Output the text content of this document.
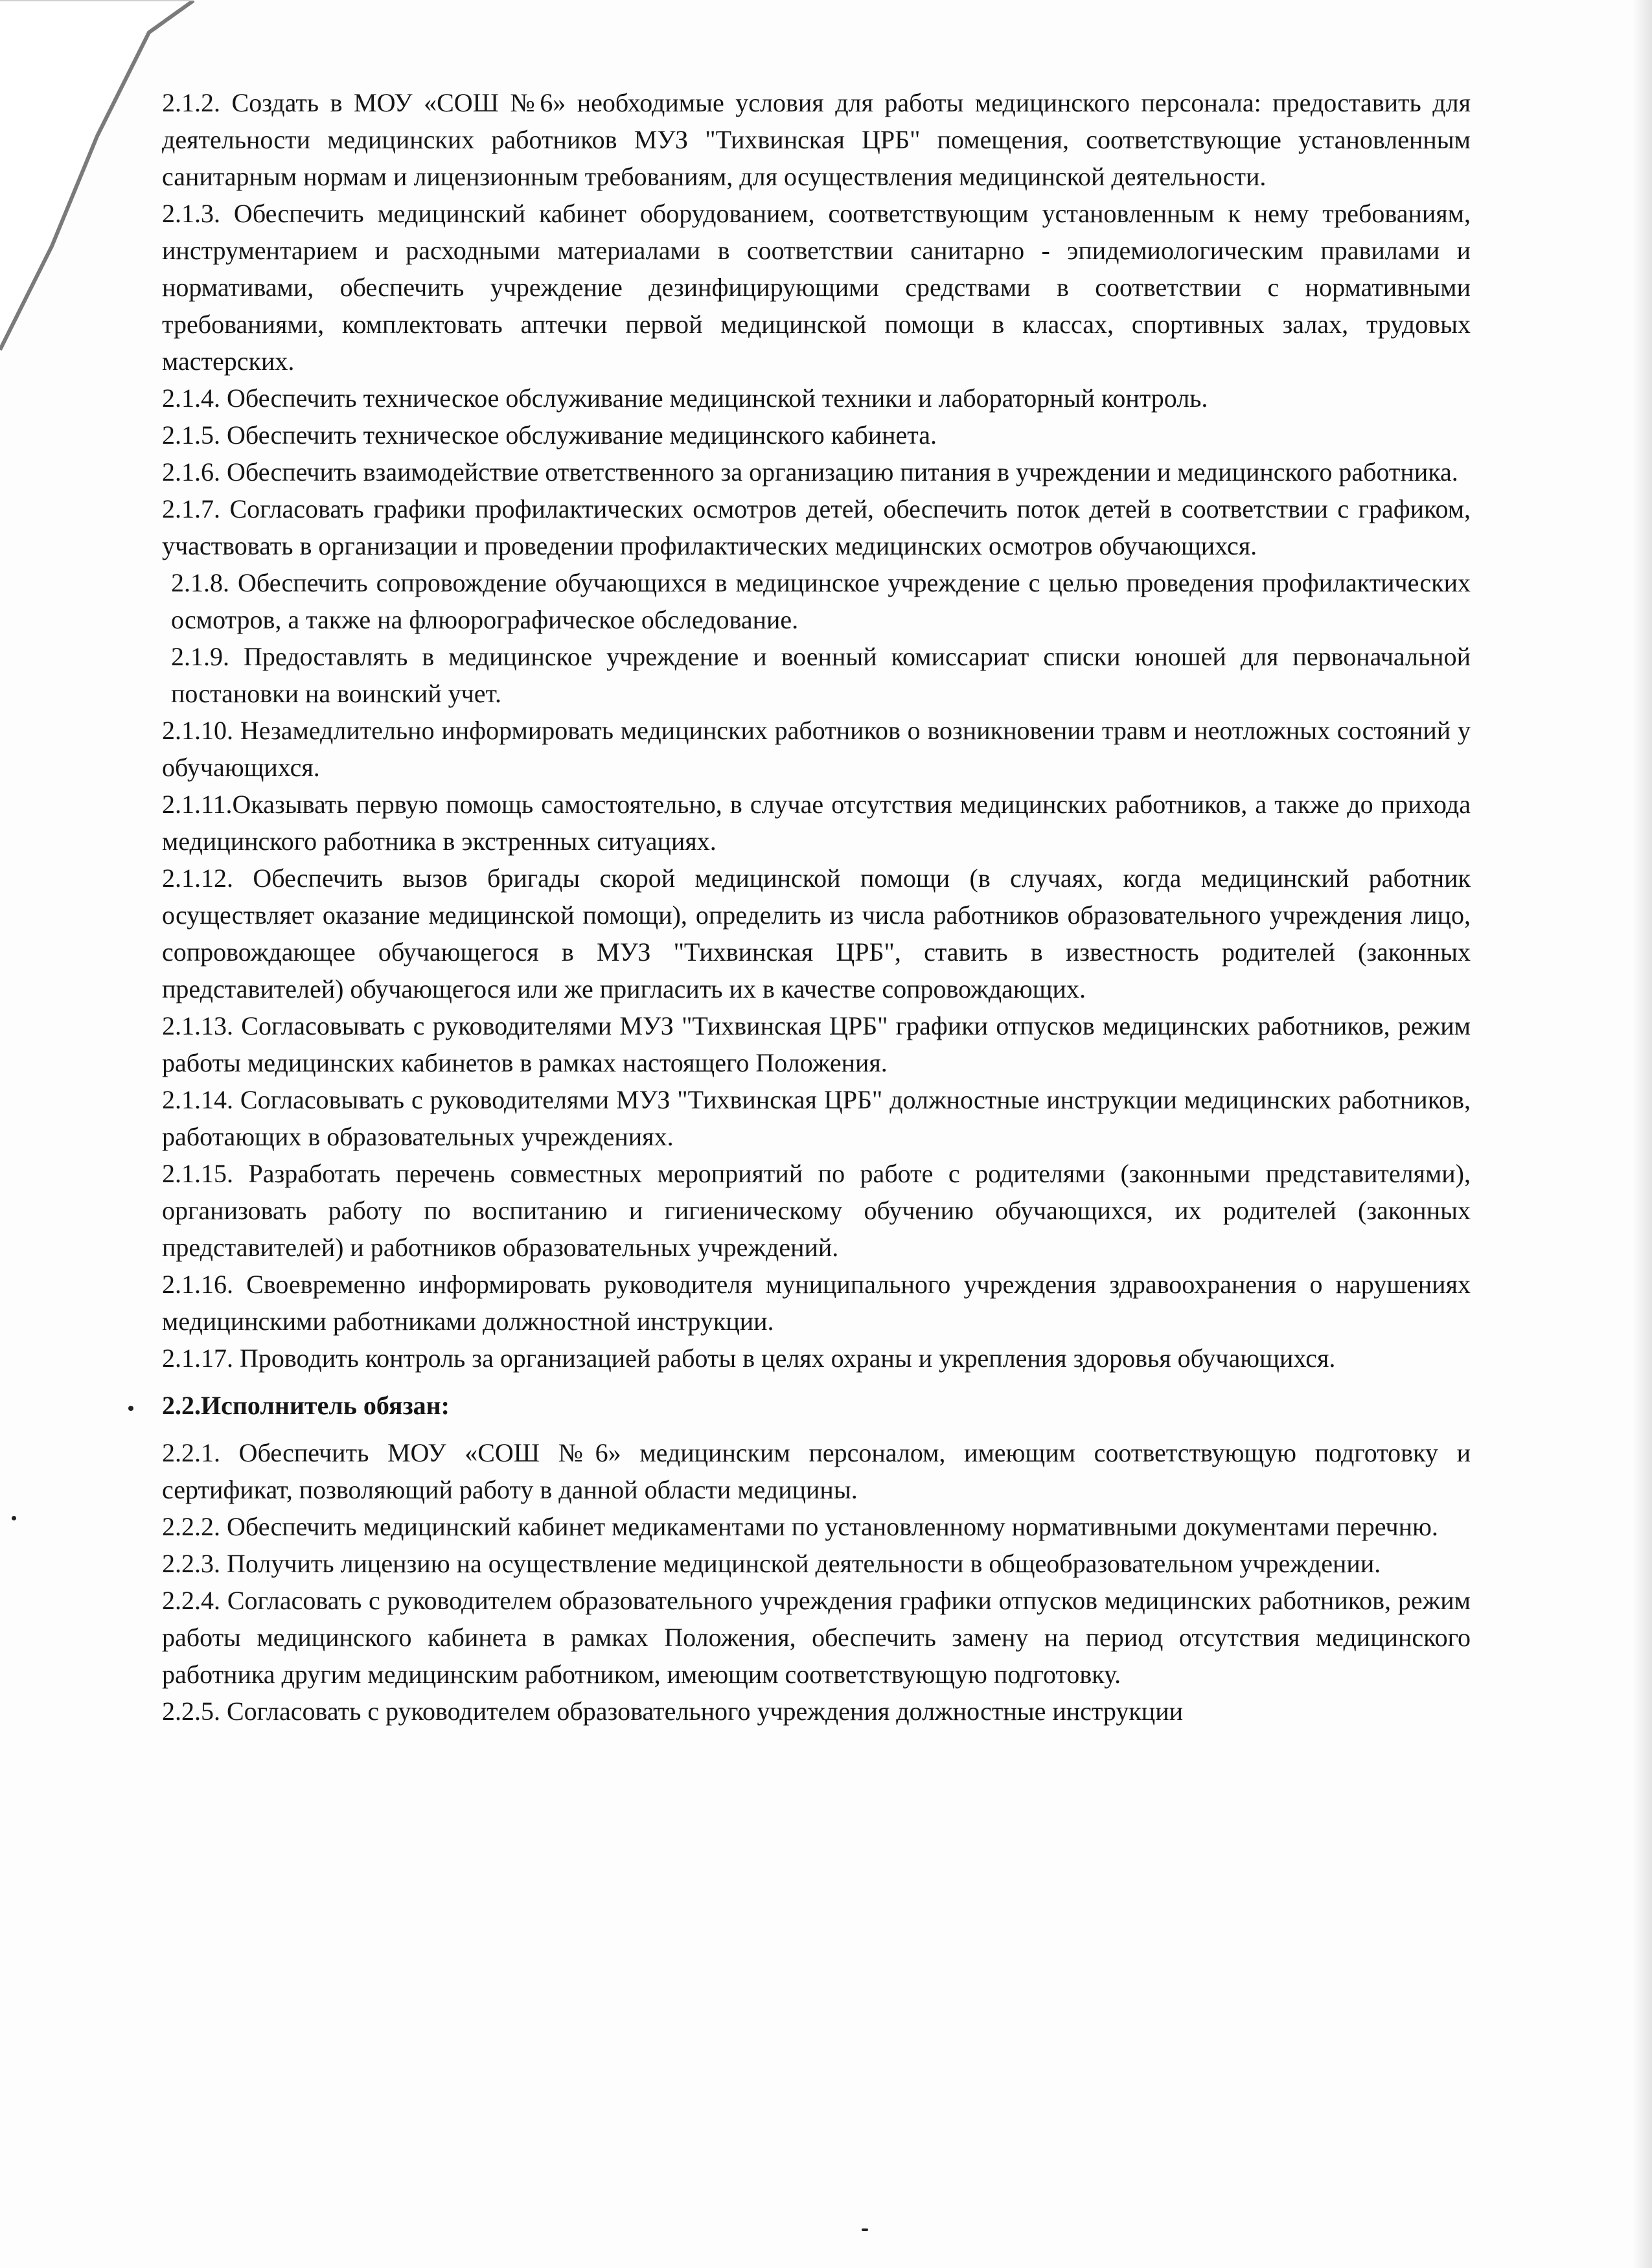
2.1.2. Создать в МОУ «СОШ №6» необходимые условия для работы медицинского персонала: предоставить для деятельности медицинских работников МУЗ "Тихвинская ЦРБ" помещения, соответствующие установленным санитарным нормам и лицензионным требованиям, для осуществления медицинской деятельности.

2.1.3. Обеспечить медицинский кабинет оборудованием, соответствующим установленным к нему требованиям, инструментарием и расходными материалами в соответствии санитарно - эпидемиологическим правилами и нормативами, обеспечить учреждение дезинфицирующими средствами в соответствии с нормативными требованиями, комплектовать аптечки первой медицинской помощи в классах, спортивных залах, трудовых мастерских.

2.1.4. Обеспечить техническое обслуживание медицинской техники и лабораторный контроль.

2.1.5. Обеспечить техническое обслуживание медицинского кабинета.

2.1.6. Обеспечить взаимодействие ответственного за организацию питания в учреждении и медицинского работника.

2.1.7. Согласовать графики профилактических осмотров детей, обеспечить поток детей в соответствии с графиком, участвовать в организации и проведении профилактических медицинских осмотров обучающихся.

2.1.8. Обеспечить сопровождение обучающихся в медицинское учреждение с целью проведения профилактических осмотров, а также на флюорографическое обследование.

2.1.9. Предоставлять в медицинское учреждение и военный комиссариат списки юношей для первоначальной постановки на воинский учет.

2.1.10. Незамедлительно информировать медицинских работников о возникновении травм и неотложных состояний у обучающихся.

2.1.11.Оказывать первую помощь самостоятельно, в случае отсутствия медицинских работников, а также до прихода медицинского работника в экстренных ситуациях.

2.1.12. Обеспечить вызов бригады скорой медицинской помощи (в случаях, когда медицинский работник осуществляет оказание медицинской помощи), определить из числа работников образовательного учреждения лицо, сопровождающее обучающегося в МУЗ "Тихвинская ЦРБ", ставить в известность родителей (законных представителей) обучающегося или же пригласить их в качестве сопровождающих.

2.1.13. Согласовывать с руководителями МУЗ "Тихвинская ЦРБ" графики отпусков медицинских работников, режим работы медицинских кабинетов в рамках настоящего Положения.

2.1.14. Согласовывать с руководителями МУЗ "Тихвинская ЦРБ" должностные инструкции медицинских работников, работающих в образовательных учреждениях.

2.1.15. Разработать перечень совместных мероприятий по работе с родителями (законными представителями), организовать работу по воспитанию и гигиеническому обучению обучающихся, их родителей (законных представителей) и работников образовательных учреждений.

2.1.16. Своевременно информировать руководителя муниципального учреждения здравоохранения о нарушениях медицинскими работниками должностной инструкции.

2.1.17. Проводить контроль за организацией работы в целях охраны и укрепления здоровья обучающихся.

2.2.Исполнитель обязан:

2.2.1. Обеспечить МОУ «СОШ №6» медицинским персоналом, имеющим соответствующую подготовку и сертификат, позволяющий работу в данной области медицины.

2.2.2. Обеспечить медицинский кабинет медикаментами по установленному нормативными документами перечню.

2.2.3. Получить лицензию на осуществление медицинской деятельности в общеобразовательном учреждении.

2.2.4. Согласовать с руководителем образовательного учреждения графики отпусков медицинских работников, режим работы медицинского кабинета в рамках Положения, обеспечить замену на период отсутствия медицинского работника другим медицинским работником, имеющим соответствующую подготовку.

2.2.5. Согласовать с руководителем образовательного учреждения должностные инструкции
